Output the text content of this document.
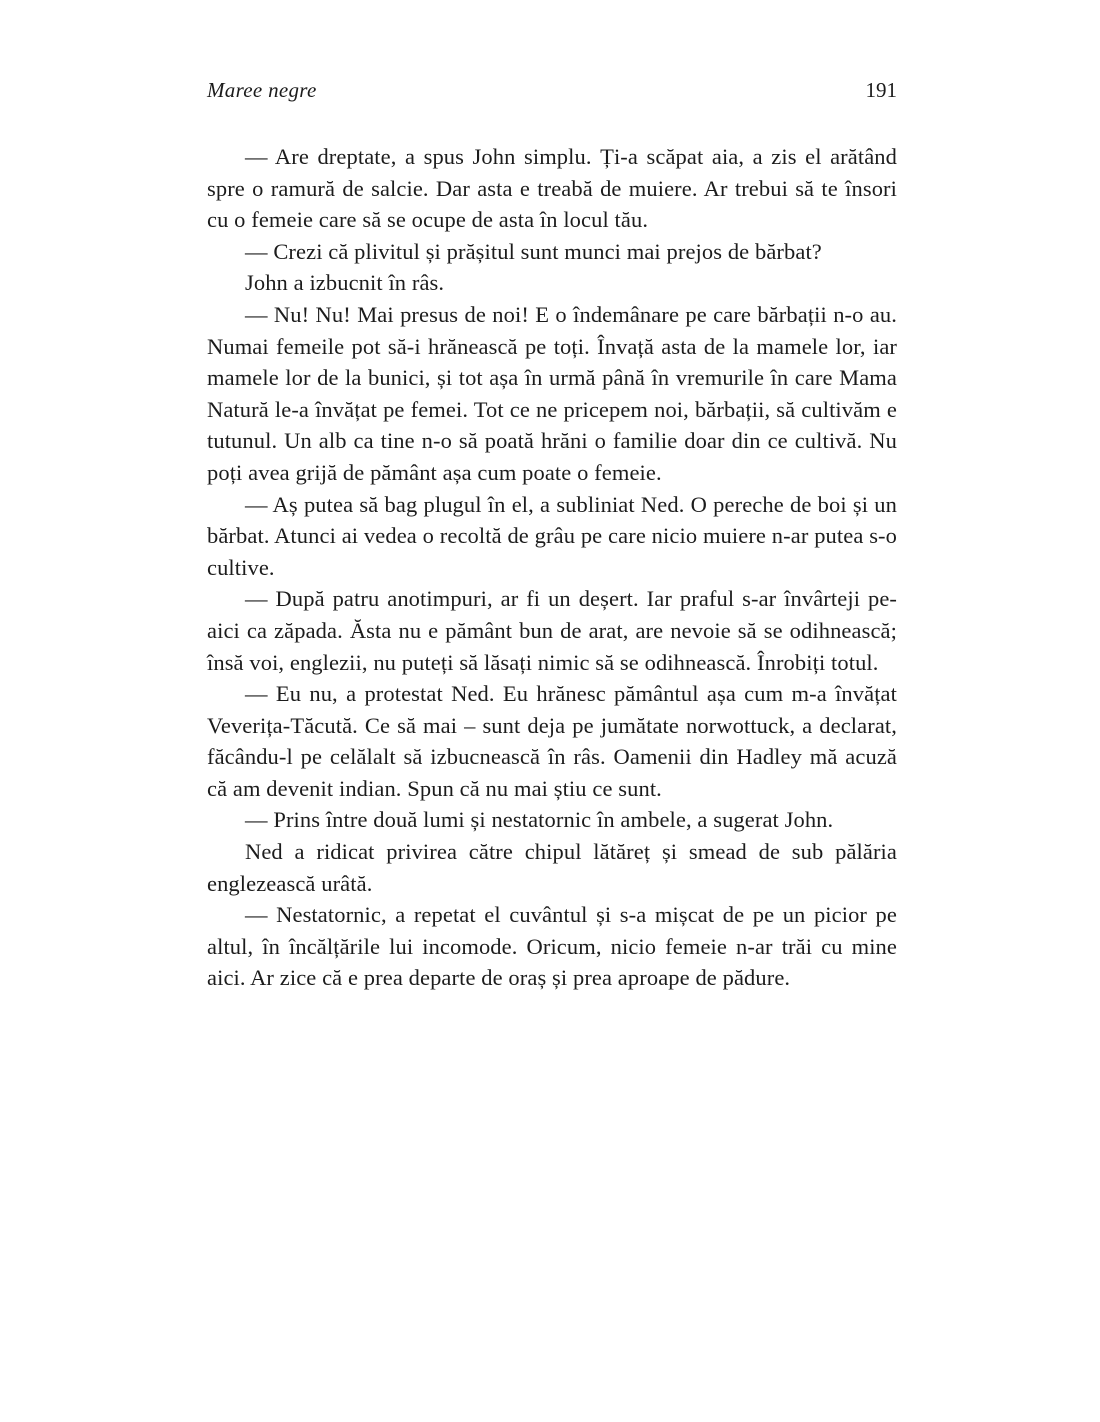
Maree negre	191

— Are dreptate, a spus John simplu. Ți-a scăpat aia, a zis el arătând spre o ramură de salcie. Dar asta e treabă de muiere. Ar trebui să te însori cu o femeie care să se ocupe de asta în locul tău.

— Crezi că plivitul și prășitul sunt munci mai prejos de bărbat?

John a izbucnit în râs.

— Nu! Nu! Mai presus de noi! E o îndemânare pe care bărbații n-o au. Numai femeile pot să-i hrănească pe toți. Învață asta de la mamele lor, iar mamele lor de la bunici, și tot așa în urmă până în vremurile în care Mama Natură le-a învățat pe femei. Tot ce ne pricepem noi, bărbații, să cultivăm e tutunul. Un alb ca tine n-o să poată hrăni o familie doar din ce cultivă. Nu poți avea grijă de pământ așa cum poate o femeie.

— Aș putea să bag plugul în el, a subliniat Ned. O pereche de boi și un bărbat. Atunci ai vedea o recoltă de grâu pe care nicio muiere n-ar putea s-o cultive.

— După patru anotimpuri, ar fi un deșert. Iar praful s-ar învârteji pe-aici ca zăpada. Ăsta nu e pământ bun de arat, are nevoie să se odihnească; însă voi, englezii, nu puteți să lăsați nimic să se odihnească. Înrobiți totul.

— Eu nu, a protestat Ned. Eu hrănesc pământul așa cum m-a învățat Veverița-Tăcută. Ce să mai – sunt deja pe jumătate norwottuck, a declarat, făcându-l pe celălalt să izbucnească în râs. Oamenii din Hadley mă acuză că am devenit indian. Spun că nu mai știu ce sunt.

— Prins între două lumi și nestatornic în ambele, a sugerat John.

Ned a ridicat privirea către chipul lătăreț și smead de sub pălăria englezească urâtă.

— Nestatornic, a repetat el cuvântul și s-a mișcat de pe un picior pe altul, în încălțările lui incomode. Oricum, nicio femeie n-ar trăi cu mine aici. Ar zice că e prea departe de oraș și prea aproape de pădure.
